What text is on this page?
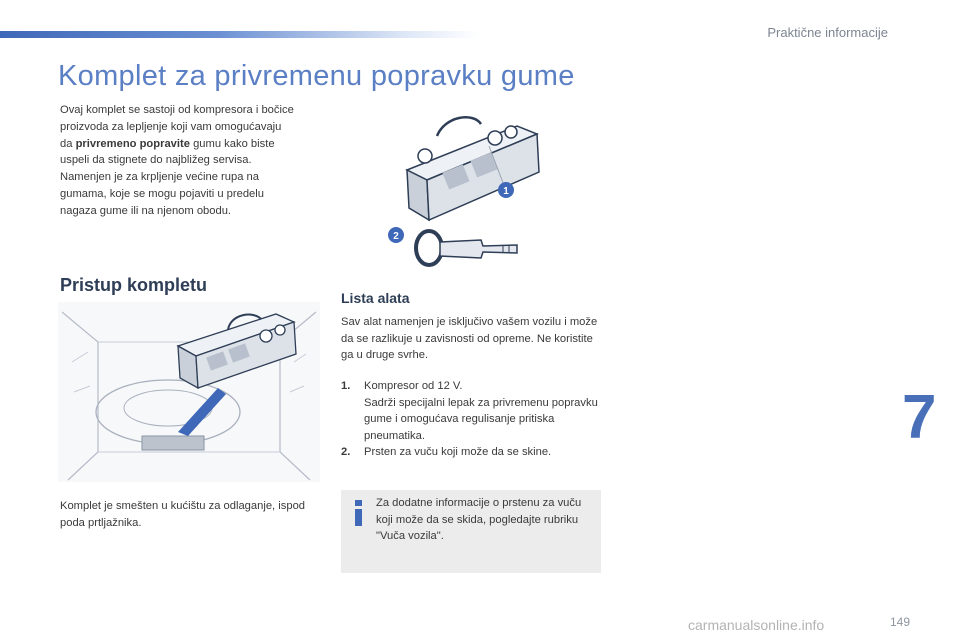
Praktične informacije
Komplet za privremenu popravku gume

Ovaj komplet se sastoji od kompresora i bočice
proizvoda za lepljenje koji vam omogućavaju
da privremeno popravite gumu kako biste
uspeli da stignete do najbližeg servisa.
Namenjen je za krpljenje većine rupa na
gumama, koje se mogu pojaviti u predelu
nagaza gume ili na njenom obodu.

1
2
Pristup kompletu
Lista alata

Sav alat namenjen je isključivo vašem vozilu i može da se razlikuje u zavisnosti od opreme. Ne koristite ga u druge svrhe.

1.	Kompresor od 12 V.
Sadrži specijalni lepak za privremenu popravku gume i omogućava regulisanje pritiska pneumatika.
2.	Prsten za vuču koji može da se skine.

Komplet je smešten u kućištu za odlaganje, ispod poda prtljažnika.

Za dodatne informacije o prstenu za vuču koji može da se skida, pogledajte rubriku "Vuča vozila".

7
carmanualsonline.info	149
